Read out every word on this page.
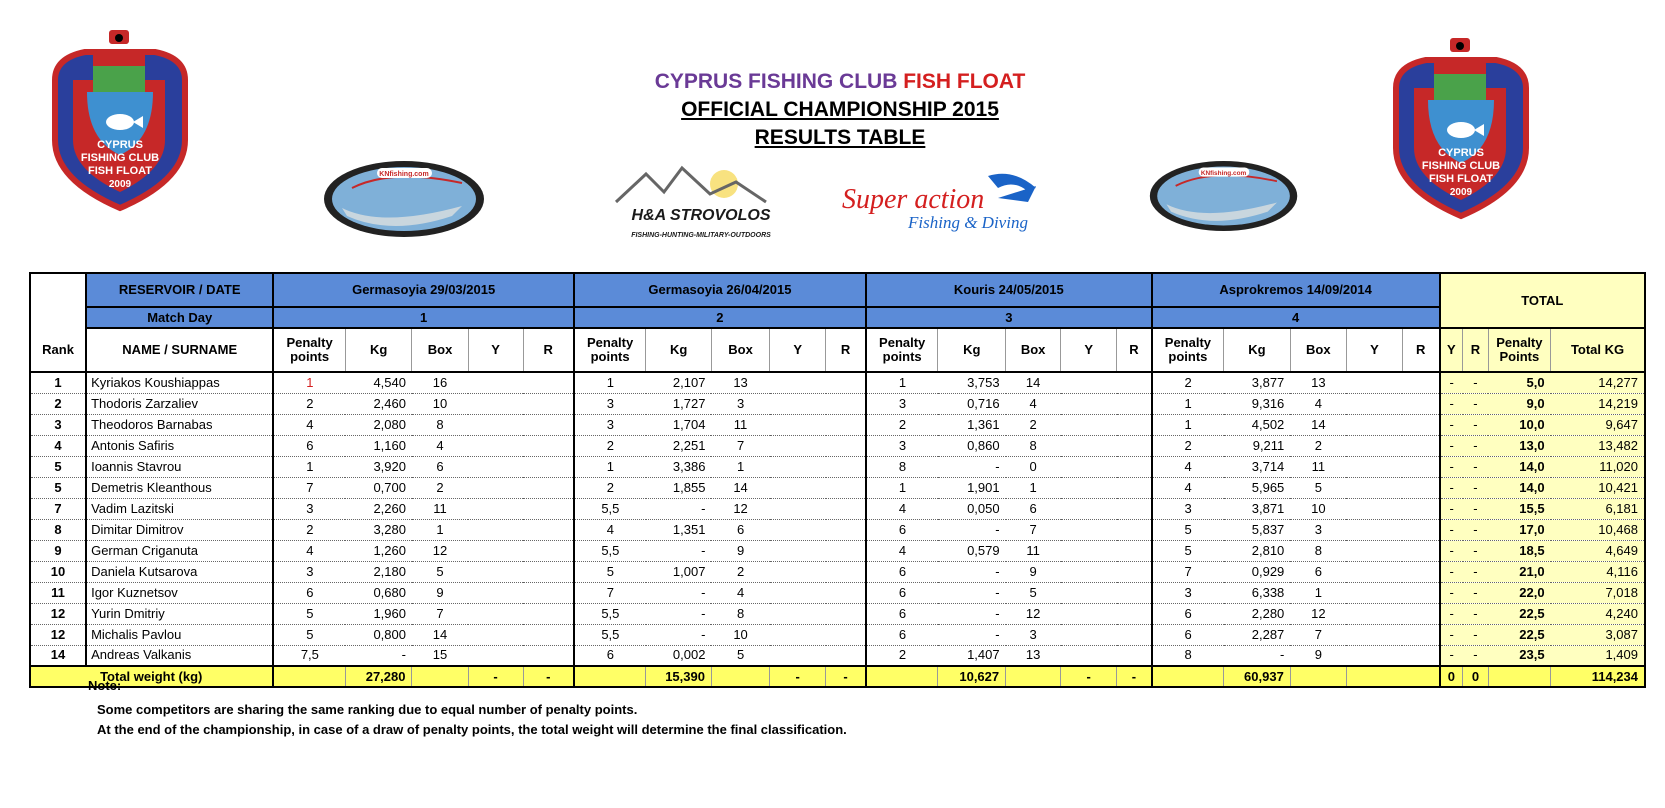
CYPRUS FISHING CLUB FISH FLOAT
OFFICIAL CHAMPIONSHIP 2015
RESULTS TABLE
CYPRUS
FISHING CLUB
FISH FLOAT
2009
CYPRUS
FISHING CLUB
FISH FLOAT
2009
KNfishing.com	KNfishing.com
H&A STROVOLOS
FISHING-HUNTING-MILITARY-OUTDOORS
Super action
Fishing & Diving
	RESERVOIR / DATE	Germasoyia 29/03/2015					Germasoyia 26/04/2015					Kouris 24/05/2015					Asprokremos 14/09/2014					TOTAL			
	Match Day	1					2					3					4								
Rank	NAME / SURNAME	Penalty points	Kg	Box	Y	R	Penalty points	Kg	Box	Y	R	Penalty points	Kg	Box	Y	R	Penalty points	Kg	Box	Y	R	Y	R	Penalty Points	Total KG
1	Kyriakos Koushiappas	1	4,540	16			1	2,107	13			1	3,753	14			2	3,877	13			-	-	5,0	14,277
2	Thodoris Zarzaliev	2	2,460	10			3	1,727	3			3	0,716	4			1	9,316	4			-	-	9,0	14,219
3	Theodoros Barnabas	4	2,080	8			3	1,704	11			2	1,361	2			1	4,502	14			-	-	10,0	9,647
4	Antonis Safiris	6	1,160	4			2	2,251	7			3	0,860	8			2	9,211	2			-	-	13,0	13,482
5	Ioannis Stavrou	1	3,920	6			1	3,386	1			8	-	0			4	3,714	11			-	-	14,0	11,020
5	Demetris Kleanthous	7	0,700	2			2	1,855	14			1	1,901	1			4	5,965	5			-	-	14,0	10,421
7	Vadim Lazitski	3	2,260	11			5,5	-	12			4	0,050	6			3	3,871	10			-	-	15,5	6,181
8	Dimitar Dimitrov	2	3,280	1			4	1,351	6			6	-	7			5	5,837	3			-	-	17,0	10,468
9	German Criganuta	4	1,260	12			5,5	-	9			4	0,579	11			5	2,810	8			-	-	18,5	4,649
10	Daniela Kutsarova	3	2,180	5			5	1,007	2			6	-	9			7	0,929	6			-	-	21,0	4,116
11	Igor Kuznetsov	6	0,680	9			7	-	4			6	-	5			3	6,338	1			-	-	22,0	7,018
12	Yurin Dmitriy	5	1,960	7			5,5	-	8			6	-	12			6	2,280	12			-	-	22,5	4,240
12	Michalis Pavlou	5	0,800	14			5,5	-	10			6	-	3			6	2,287	7			-	-	22,5	3,087
14	Andreas Valkanis	7,5	-	15			6	0,002	5			2	1,407	13			8	-	9			-	-	23,5	1,409
	Total weight (kg)		27,280		-	-		15,390		-	-		10,627		-	-		60,937				0	0		114,234
Note:
Some competitors are sharing the same ranking due to equal number of penalty points.
At the end of the championship, in case of a draw of penalty points, the total weight will determine the final classification.
